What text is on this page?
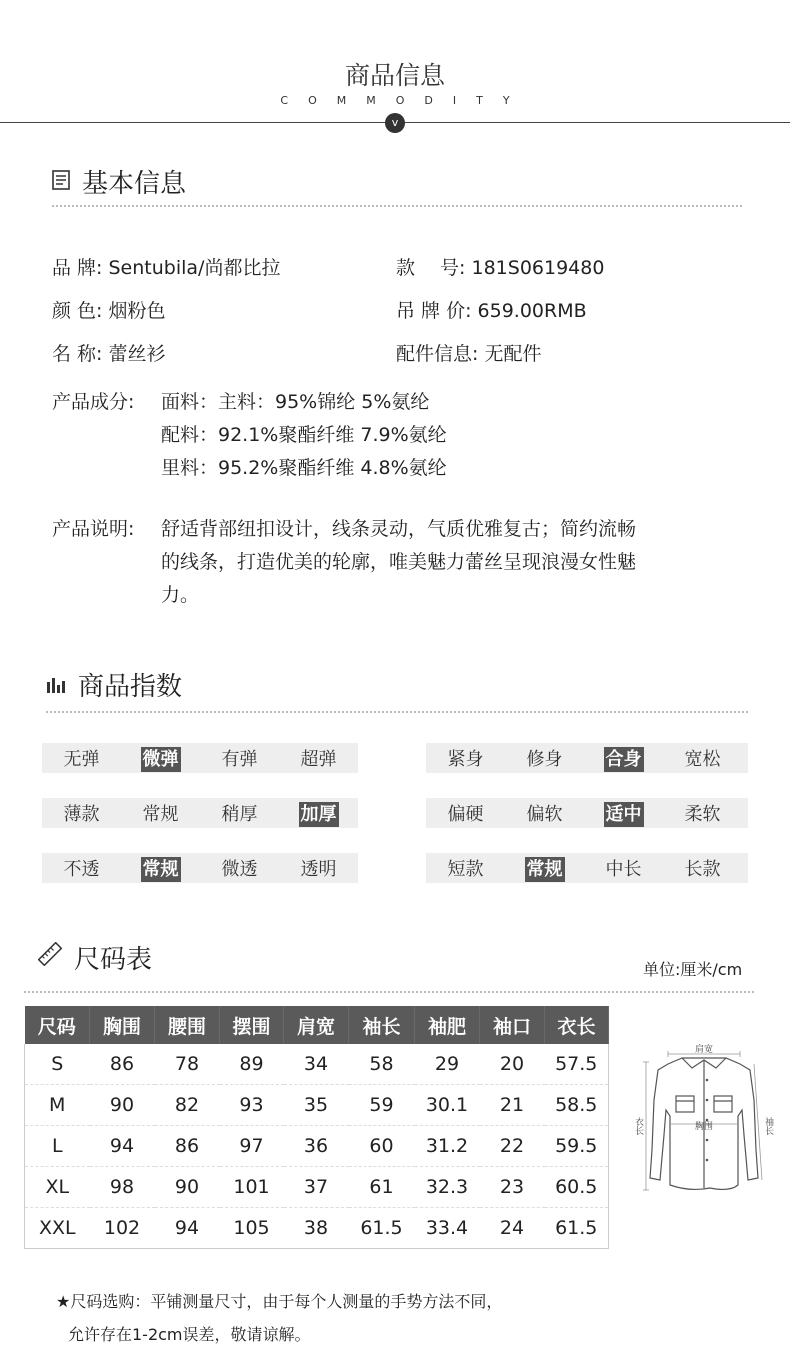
商品信息
COMMODITY
v
基本信息
品 牌: Sentubila/尚都比拉	款　 号: 181S0619480
颜 色: 烟粉色	吊 牌 价: 659.00RMB
名 称: 蕾丝衫	配件信息: 无配件
产品成分: 面料：主料：95%锦纶 5%氨纶
配料：92.1%聚酯纤维 7.9%氨纶
里料：95.2%聚酯纤维 4.8%氨纶
产品说明: 舒适背部纽扣设计，线条灵动，气质优雅复古；简约流畅
的线条，打造优美的轮廓，唯美魅力蕾丝呈现浪漫女性魅
力。
商品指数
无弹	微弹	有弹	超弹	紧身	修身	合身	宽松
薄款	常规	稍厚	加厚	偏硬	偏软	适中	柔软
不透	常规	微透	透明	短款	常规	中长	长款
尺码表	单位:厘米/cm
尺码	胸围	腰围	摆围	肩宽	袖长	袖肥	袖口	衣长
S	86	78	89	34	58	29	20	57.5
M	90	82	93	35	59	30.1	21	58.5
L	94	86	97	36	60	31.2	22	59.5
XL	98	90	101	37	61	32.3	23	60.5
XXL	102	94	105	38	61.5	33.4	24	61.5
肩宽
胸围
衣长	袖长
★尺码选购：平铺测量尺寸，由于每个人测量的手势方法不同，
允许存在1-2cm误差，敬请谅解。
